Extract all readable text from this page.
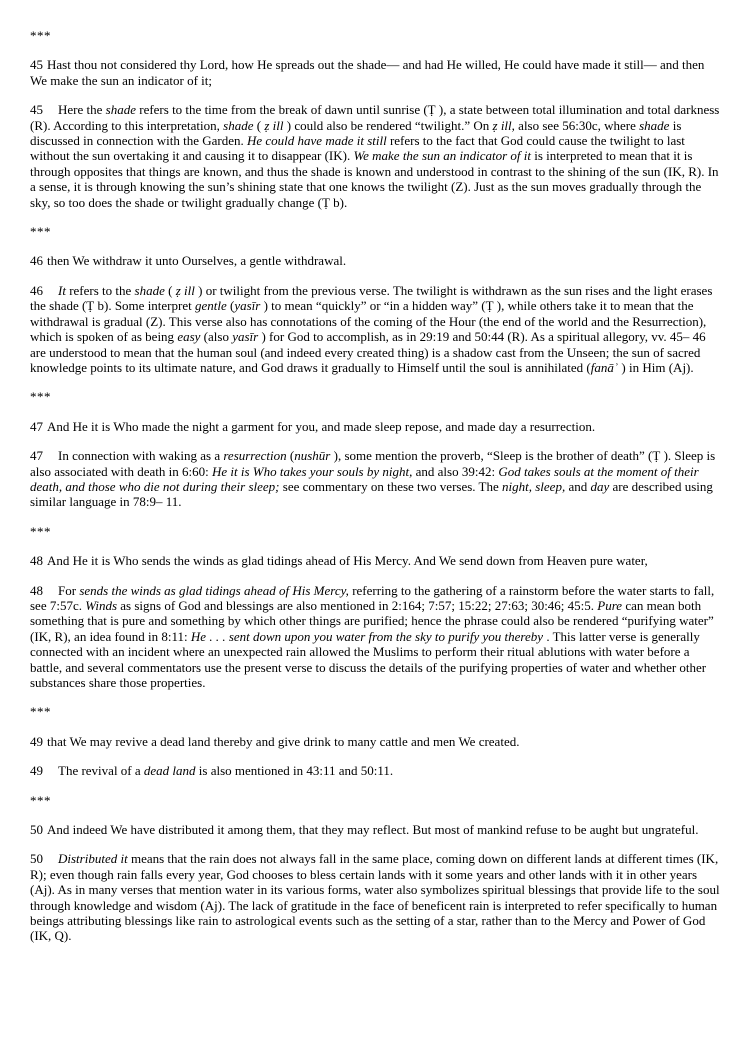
***

45 Hast thou not considered thy Lord, how He spreads out the shade— and had He willed, He could have made it still— and then We make the sun an indicator of it;

45 Here the shade refers to the time from the break of dawn until sunrise (Ṭ ), a state between total illumination and total darkness (R). According to this interpretation, shade ( ẓ ill ) could also be rendered “twilight.” On ẓ ill, also see 56:30c, where shade is discussed in connection with the Garden. He could have made it still refers to the fact that God could cause the twilight to last without the sun overtaking it and causing it to disappear (IK). We make the sun an indicator of it is interpreted to mean that it is through opposites that things are known, and thus the shade is known and understood in contrast to the shining of the sun (IK, R). In a sense, it is through knowing the sun’s shining state that one knows the twilight (Z). Just as the sun moves gradually through the sky, so too does the shade or twilight gradually change (Ṭ b).

***

46 then We withdraw it unto Ourselves, a gentle withdrawal.

46 It refers to the shade ( ẓ ill ) or twilight from the previous verse. The twilight is withdrawn as the sun rises and the light erases the shade (Ṭ b). Some interpret gentle (yasīr ) to mean “quickly” or “in a hidden way” (Ṭ ), while others take it to mean that the withdrawal is gradual (Z). This verse also has connotations of the coming of the Hour (the end of the world and the Resurrection), which is spoken of as being easy (also yasīr ) for God to accomplish, as in 29:19 and 50:44 (R). As a spiritual allegory, vv. 45– 46 are understood to mean that the human soul (and indeed every created thing) is a shadow cast from the Unseen; the sun of sacred knowledge points to its ultimate nature, and God draws it gradually to Himself until the soul is annihilated (fanāʾ ) in Him (Aj).

***

47 And He it is Who made the night a garment for you, and made sleep repose, and made day a resurrection.

47 In connection with waking as a resurrection (nushūr ), some mention the proverb, “Sleep is the brother of death” (Ṭ ). Sleep is also associated with death in 6:60: He it is Who takes your souls by night, and also 39:42: God takes souls at the moment of their death, and those who die not during their sleep; see commentary on these two verses. The night, sleep, and day are described using similar language in 78:9– 11.

***

48 And He it is Who sends the winds as glad tidings ahead of His Mercy. And We send down from Heaven pure water,

48 For sends the winds as glad tidings ahead of His Mercy, referring to the gathering of a rainstorm before the water starts to fall, see 7:57c. Winds as signs of God and blessings are also mentioned in 2:164; 7:57; 15:22; 27:63; 30:46; 45:5. Pure can mean both something that is pure and something by which other things are purified; hence the phrase could also be rendered “purifying water” (IK, R), an idea found in 8:11: He . . . sent down upon you water from the sky to purify you thereby . This latter verse is generally connected with an incident where an unexpected rain allowed the Muslims to perform their ritual ablutions with water before a battle, and several commentators use the present verse to discuss the details of the purifying properties of water and whether other substances share those properties.

***

49 that We may revive a dead land thereby and give drink to many cattle and men We created.

49 The revival of a dead land is also mentioned in 43:11 and 50:11.

***

50 And indeed We have distributed it among them, that they may reflect. But most of mankind refuse to be aught but ungrateful.

50 Distributed it means that the rain does not always fall in the same place, coming down on different lands at different times (IK, R); even though rain falls every year, God chooses to bless certain lands with it some years and other lands with it in other years (Aj). As in many verses that mention water in its various forms, water also symbolizes spiritual blessings that provide life to the soul through knowledge and wisdom (Aj). The lack of gratitude in the face of beneficent rain is interpreted to refer specifically to human beings attributing blessings like rain to astrological events such as the setting of a star, rather than to the Mercy and Power of God (IK, Q).
